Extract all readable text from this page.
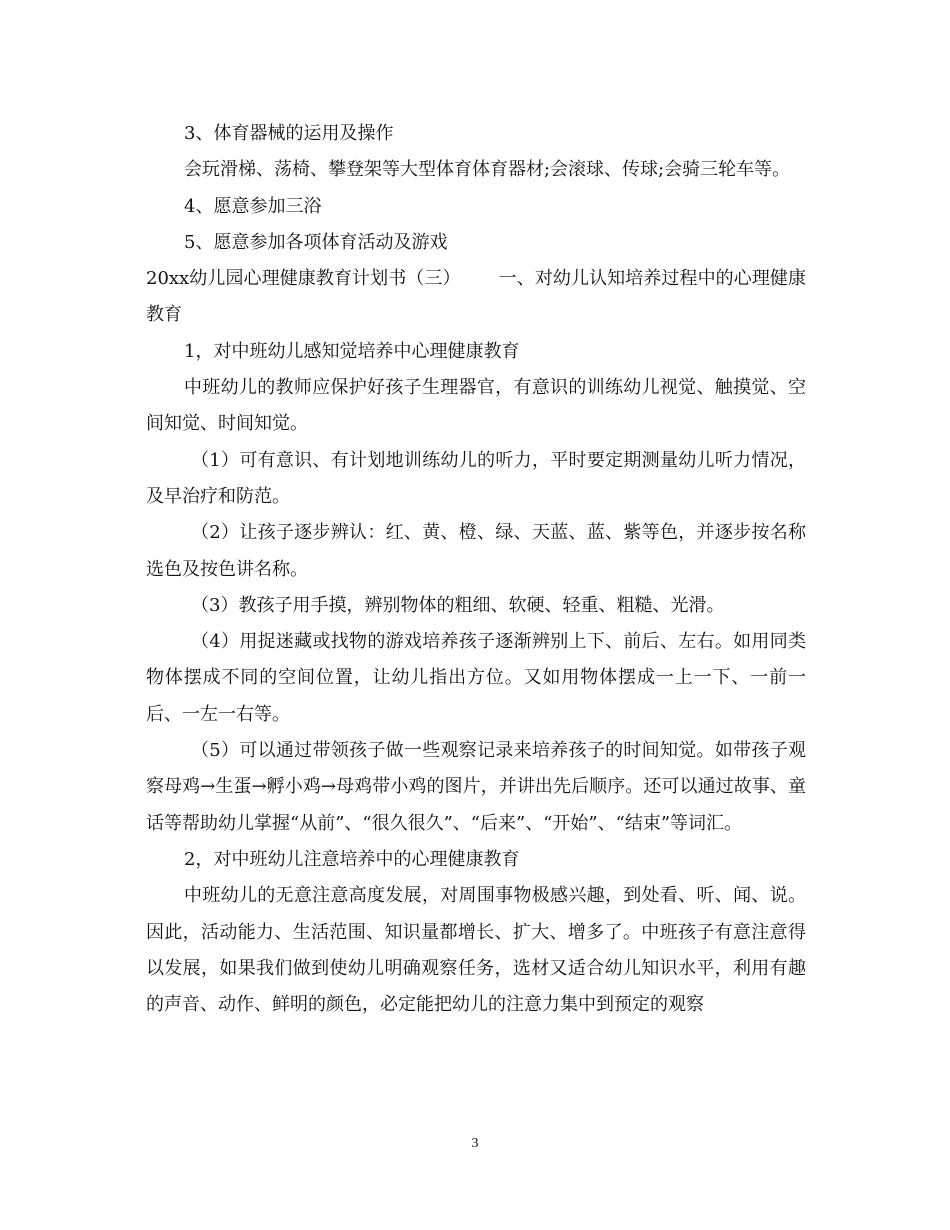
3、体育器械的运用及操作

会玩滑梯、荡椅、攀登架等大型体育体育器材;会滚球、传球;会骑三轮车等。

4、愿意参加三浴

5、愿意参加各项体育活动及游戏

20xx幼儿园心理健康教育计划书（三） 一、对幼儿认知培养过程中的心理健康教育

1，对中班幼儿感知觉培养中心理健康教育

中班幼儿的教师应保护好孩子生理器官，有意识的训练幼儿视觉、触摸觉、空间知觉、时间知觉。

（1）可有意识、有计划地训练幼儿的听力，平时要定期测量幼儿听力情况，及早治疗和防范。

（2）让孩子逐步辨认：红、黄、橙、绿、天蓝、蓝、紫等色，并逐步按名称选色及按色讲名称。

（3）教孩子用手摸，辨别物体的粗细、软硬、轻重、粗糙、光滑。

（4）用捉迷藏或找物的游戏培养孩子逐渐辨别上下、前后、左右。如用同类物体摆成不同的空间位置，让幼儿指出方位。又如用物体摆成一上一下、一前一后、一左一右等。

（5）可以通过带领孩子做一些观察记录来培养孩子的时间知觉。如带孩子观察母鸡→生蛋→孵小鸡→母鸡带小鸡的图片，并讲出先后顺序。还可以通过故事、童话等帮助幼儿掌握“从前”、“很久很久”、“后来”、“开始”、“结束”等词汇。

2，对中班幼儿注意培养中的心理健康教育

中班幼儿的无意注意高度发展，对周围事物极感兴趣，到处看、听、闻、说。因此，活动能力、生活范围、知识量都增长、扩大、增多了。中班孩子有意注意得以发展，如果我们做到使幼儿明确观察任务，选材又适合幼儿知识水平，利用有趣的声音、动作、鲜明的颜色，必定能把幼儿的注意力集中到预定的观察

3
